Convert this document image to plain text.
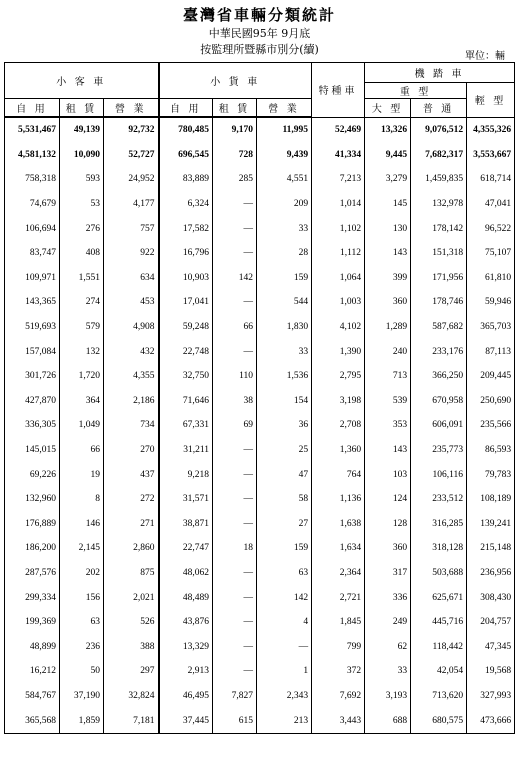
臺灣省車輛分類統計
中華民國95年 9月底
按監理所暨縣市別分(續)
單位：輛
小 客 車			小 貨 車			特種車	機 踏 車		
							重 型		輕 型
自 用	租 賃	營 業	自 用	租 賃	營 業		大 型	普 通	
5,531,467	49,139	92,732	780,485	9,170	11,995	52,469	13,326	9,076,512	4,355,326
4,581,132	10,090	52,727	696,545	728	9,439	41,334	9,445	7,682,317	3,553,667
758,318	593	24,952	83,889	285	4,551	7,213	3,279	1,459,835	618,714
74,679	53	4,177	6,324	—	209	1,014	145	132,978	47,041
106,694	276	757	17,582	—	33	1,102	130	178,142	96,522
83,747	408	922	16,796	—	28	1,112	143	151,318	75,107
109,971	1,551	634	10,903	142	159	1,064	399	171,956	61,810
143,365	274	453	17,041	—	544	1,003	360	178,746	59,946
519,693	579	4,908	59,248	66	1,830	4,102	1,289	587,682	365,703
157,084	132	432	22,748	—	33	1,390	240	233,176	87,113
301,726	1,720	4,355	32,750	110	1,536	2,795	713	366,250	209,445
427,870	364	2,186	71,646	38	154	3,198	539	670,958	250,690
336,305	1,049	734	67,331	69	36	2,708	353	606,091	235,566
145,015	66	270	31,211	—	25	1,360	143	235,773	86,593
69,226	19	437	9,218	—	47	764	103	106,116	79,783
132,960	8	272	31,571	—	58	1,136	124	233,512	108,189
176,889	146	271	38,871	—	27	1,638	128	316,285	139,241
186,200	2,145	2,860	22,747	18	159	1,634	360	318,128	215,148
287,576	202	875	48,062	—	63	2,364	317	503,688	236,956
299,334	156	2,021	48,489	—	142	2,721	336	625,671	308,430
199,369	63	526	43,876	—	4	1,845	249	445,716	204,757
48,899	236	388	13,329	—	—	799	62	118,442	47,345
16,212	50	297	2,913	—	1	372	33	42,054	19,568
584,767	37,190	32,824	46,495	7,827	2,343	7,692	3,193	713,620	327,993
365,568	1,859	7,181	37,445	615	213	3,443	688	680,575	473,666
